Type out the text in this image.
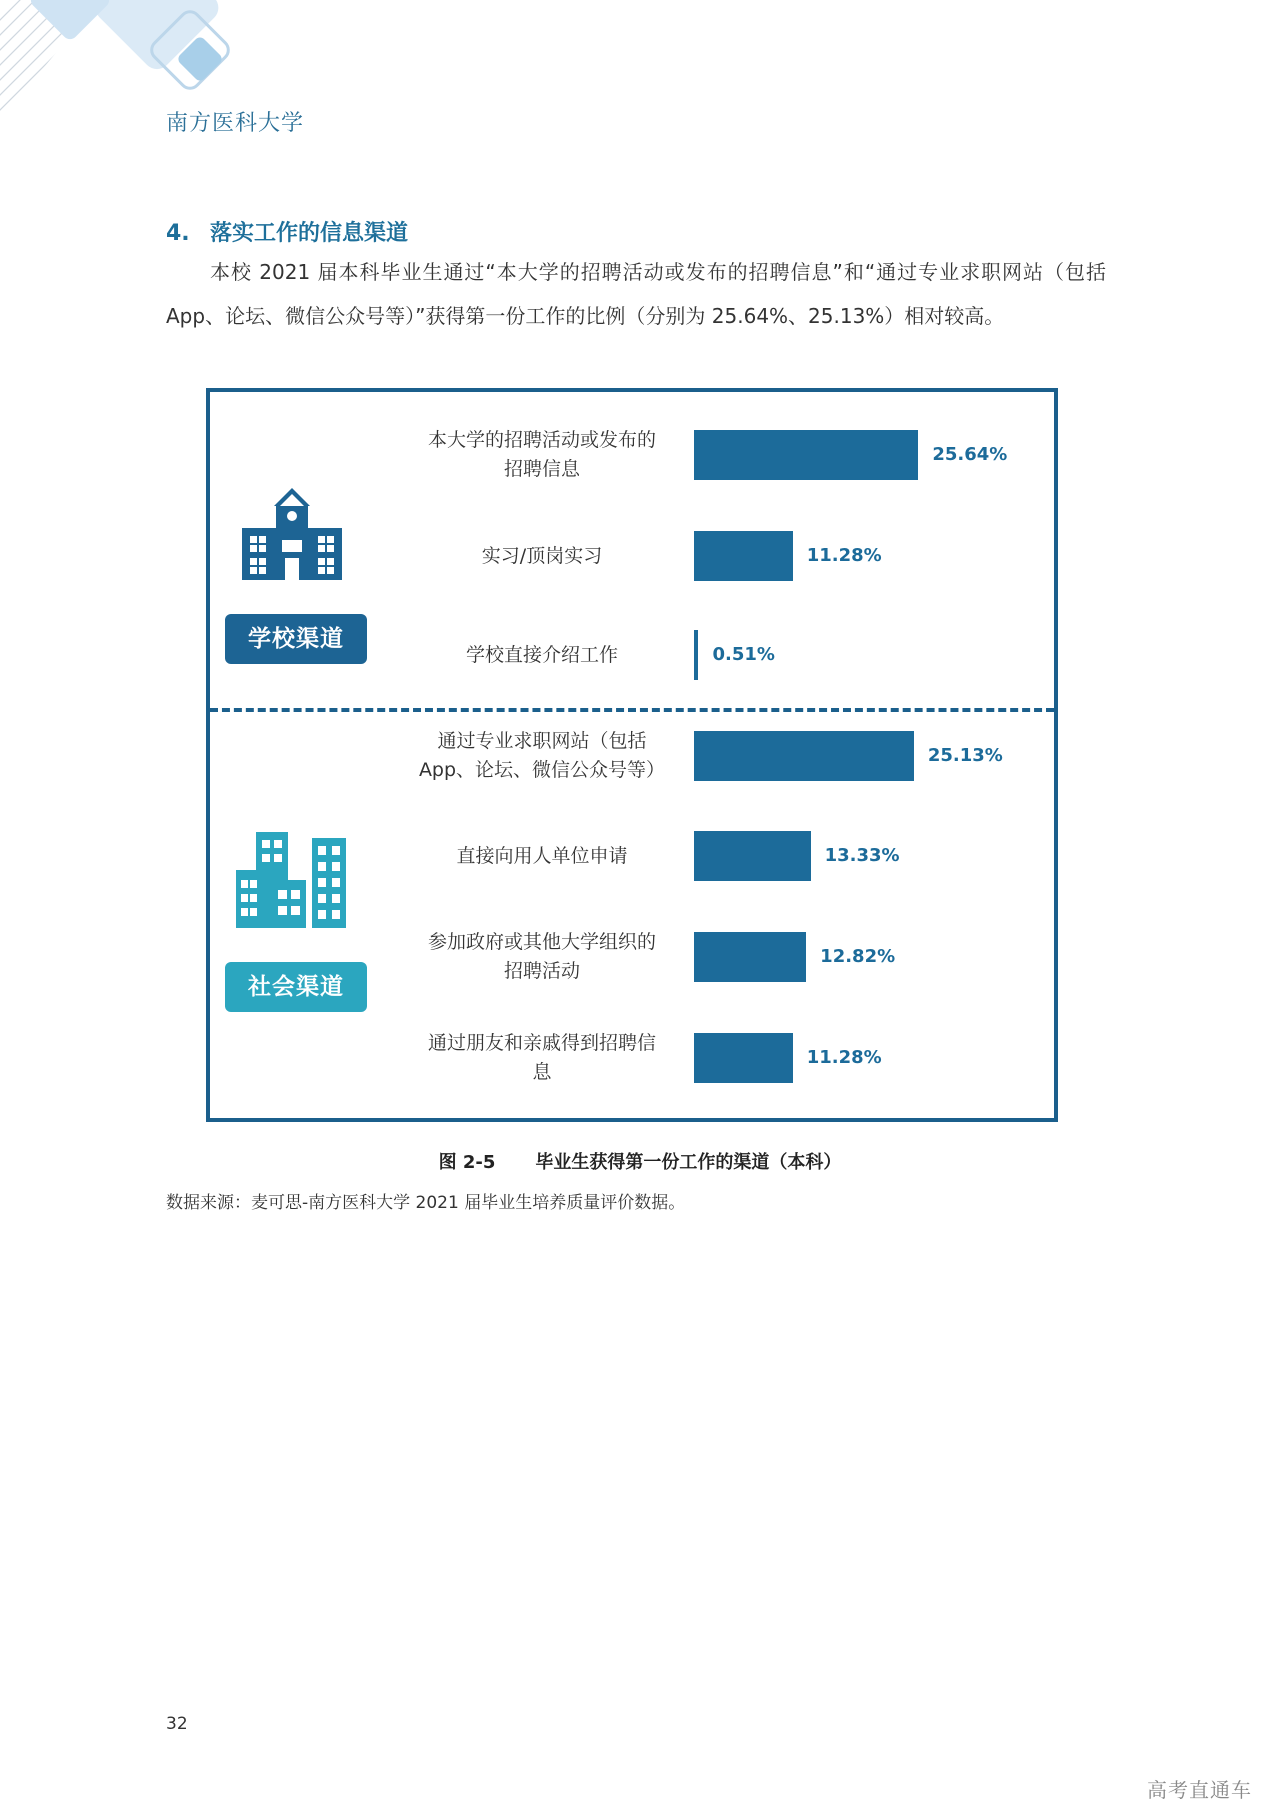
南方医科大学
4. 落实工作的信息渠道

本校 2021 届本科毕业生通过“本大学的招聘活动或发布的招聘信息”和“通过专业求职网站（包括 App、论坛、微信公众号等）”获得第一份工作的比例（分别为 25.64%、25.13%）相对较高。

学校渠道
社会渠道
本大学的招聘活动或发布的
招聘信息
25.64%
实习/顶岗实习	11.28%
学校直接介绍工作	0.51%
通过专业求职网站（包括
App、论坛、微信公众号等）
25.13%
直接向用人单位申请	13.33%
参加政府或其他大学组织的
招聘活动
12.82%
通过朋友和亲戚得到招聘信
息
11.28%
图 2-5 毕业生获得第一份工作的渠道（本科）
数据来源：麦可思-南方医科大学 2021 届毕业生培养质量评价数据。
32
高考直通车
